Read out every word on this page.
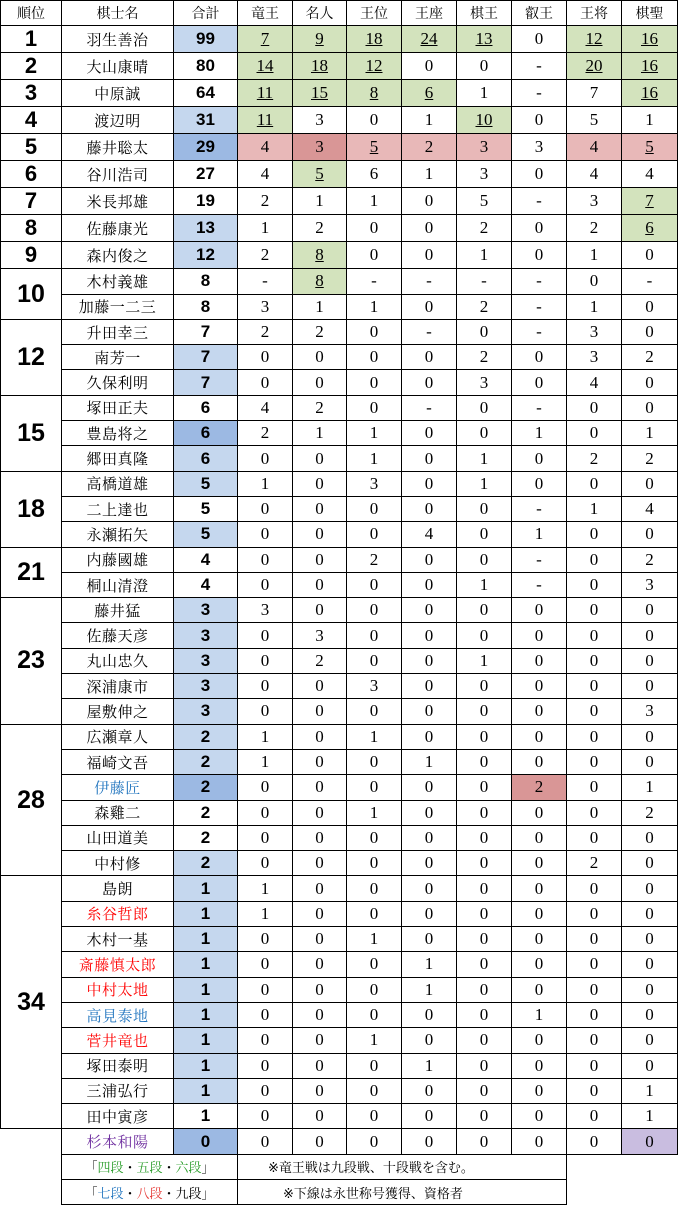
順位	棋士名	合計	竜王	名人	王位	王座	棋王	叡王	王将	棋聖
1	羽生善治	99	7	9	18	24	13	0	12	16
2	大山康晴	80	14	18	12	0	0	-	20	16
3	中原誠	64	11	15	8	6	1	-	7	16
4	渡辺明	31	11	3	0	1	10	0	5	1
5	藤井聡太	29	4	3	5	2	3	3	4	5
6	谷川浩司	27	4	5	6	1	3	0	4	4
7	米長邦雄	19	2	1	1	0	5	-	3	7
8	佐藤康光	13	1	2	0	0	2	0	2	6
9	森内俊之	12	2	8	0	0	1	0	1	0
10	木村義雄	8	-	8	-	-	-	-	0	-
	加藤一二三	8	3	1	1	0	2	-	1	0
12	升田幸三	7	2	2	0	-	0	-	3	0
	南芳一	7	0	0	0	0	2	0	3	2
	久保利明	7	0	0	0	0	3	0	4	0
15	塚田正夫	6	4	2	0	-	0	-	0	0
	豊島将之	6	2	1	1	0	0	1	0	1
	郷田真隆	6	0	0	1	0	1	0	2	2
18	高橋道雄	5	1	0	3	0	1	0	0	0
	二上達也	5	0	0	0	0	0	-	1	4
	永瀬拓矢	5	0	0	0	4	0	1	0	0
21	内藤國雄	4	0	0	2	0	0	-	0	2
	桐山清澄	4	0	0	0	0	1	-	0	3
23	藤井猛	3	3	0	0	0	0	0	0	0
	佐藤天彦	3	0	3	0	0	0	0	0	0
	丸山忠久	3	0	2	0	0	1	0	0	0
	深浦康市	3	0	0	3	0	0	0	0	0
	屋敷伸之	3	0	0	0	0	0	0	0	3
28	広瀬章人	2	1	0	1	0	0	0	0	0
	福崎文吾	2	1	0	0	1	0	0	0	0
	伊藤匠	2	0	0	0	0	0	2	0	1
	森雞二	2	0	0	1	0	0	0	0	2
	山田道美	2	0	0	0	0	0	0	0	0
	中村修	2	0	0	0	0	0	0	2	0
34	島朗	1	1	0	0	0	0	0	0	0
	糸谷哲郎	1	1	0	0	0	0	0	0	0
	木村一基	1	0	0	1	0	0	0	0	0
	斎藤慎太郎	1	0	0	0	1	0	0	0	0
	中村太地	1	0	0	0	1	0	0	0	0
	高見泰地	1	0	0	0	0	0	1	0	0
	菅井竜也	1	0	0	1	0	0	0	0	0
	塚田泰明	1	0	0	0	1	0	0	0	0
	三浦弘行	1	0	0	0	0	0	0	0	1
	田中寅彦	1	0	0	0	0	0	0	0	1
	杉本和陽	0	0	0	0	0	0	0	0	0
	「四段・五段・六段」		※竜王戦は九段戦、十段戦を含む。							
	「七段・八段・九段」		※下線は永世称号獲得、資格者							
